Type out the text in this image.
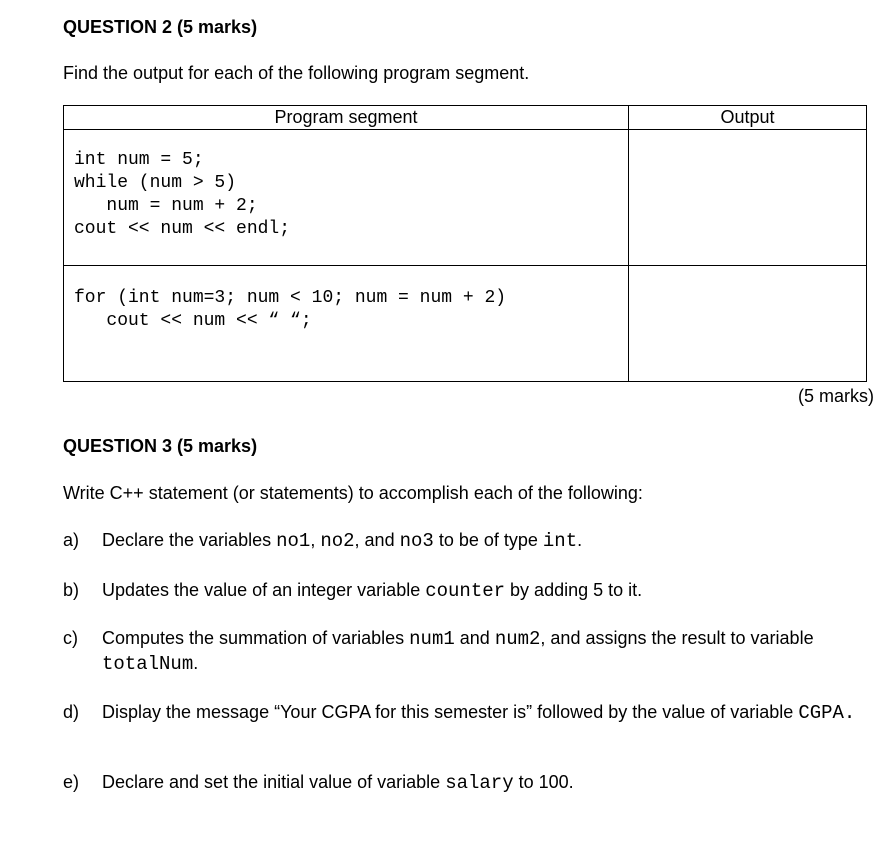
QUESTION 2 (5 marks)
Find the output for each of the following program segment.
Program segment	Output

int num = 5;
while (num > 5)
num = num + 2;
cout << num << endl;	

for (int num=3; num < 10; num = num + 2)
cout << num << “ “;	

(5 marks)
QUESTION 3 (5 marks)
Write C++ statement (or statements) to accomplish each of the following:
a) Declare the variables no1, no2, and no3 to be of type int.
b) Updates the value of an integer variable counter by adding 5 to it.
c) Computes the summation of variables num1 and num2, and assigns the result to variable totalNum.
d) Display the message “Your CGPA for this semester is” followed by the value of variable CGPA.
e) Declare and set the initial value of variable salary to 100.
